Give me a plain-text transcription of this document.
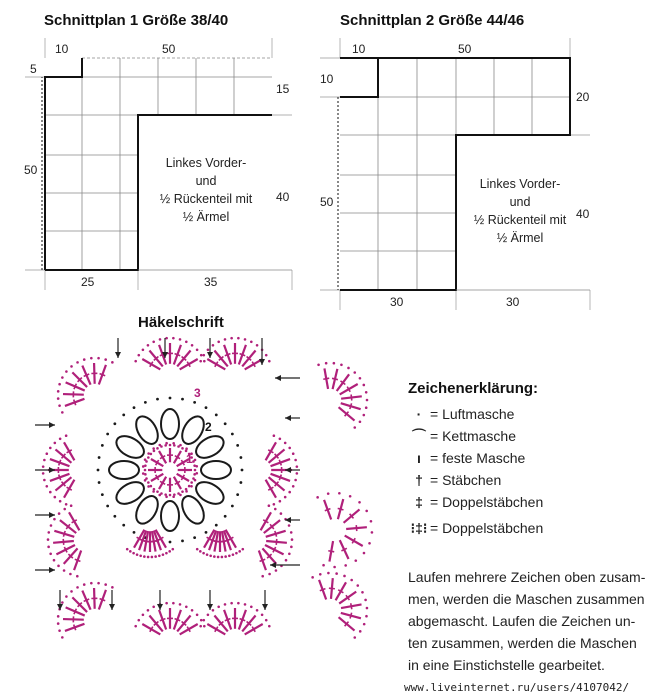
Schnittplan 1 Größe 38/40
10	50
5
50
15
40
25	35
Linkes Vorder-
und
½ Rückenteil mit
½ Ärmel
Schnittplan 2 Größe 44/46
10	50
10
50
20
40
30	30
Linkes Vorder-
und
½ Rückenteil mit
½ Ärmel
Häkelschrift
3
2
1
Zeichenerklärung:
· = Luftmasche
⌒ = Kettmasche
ı = feste Masche
† = Stäbchen
‡ = Doppelstäbchen
⁝‡⁝ = Doppelstäbchen
Laufen mehrere Zeichen oben zusam-
men, werden die Maschen zusammen
abgemascht. Laufen die Zeichen un-
ten zusammen, werden die Maschen
in eine Einstichstelle gearbeitet.
www.liveinternet.ru/users/4107042/
